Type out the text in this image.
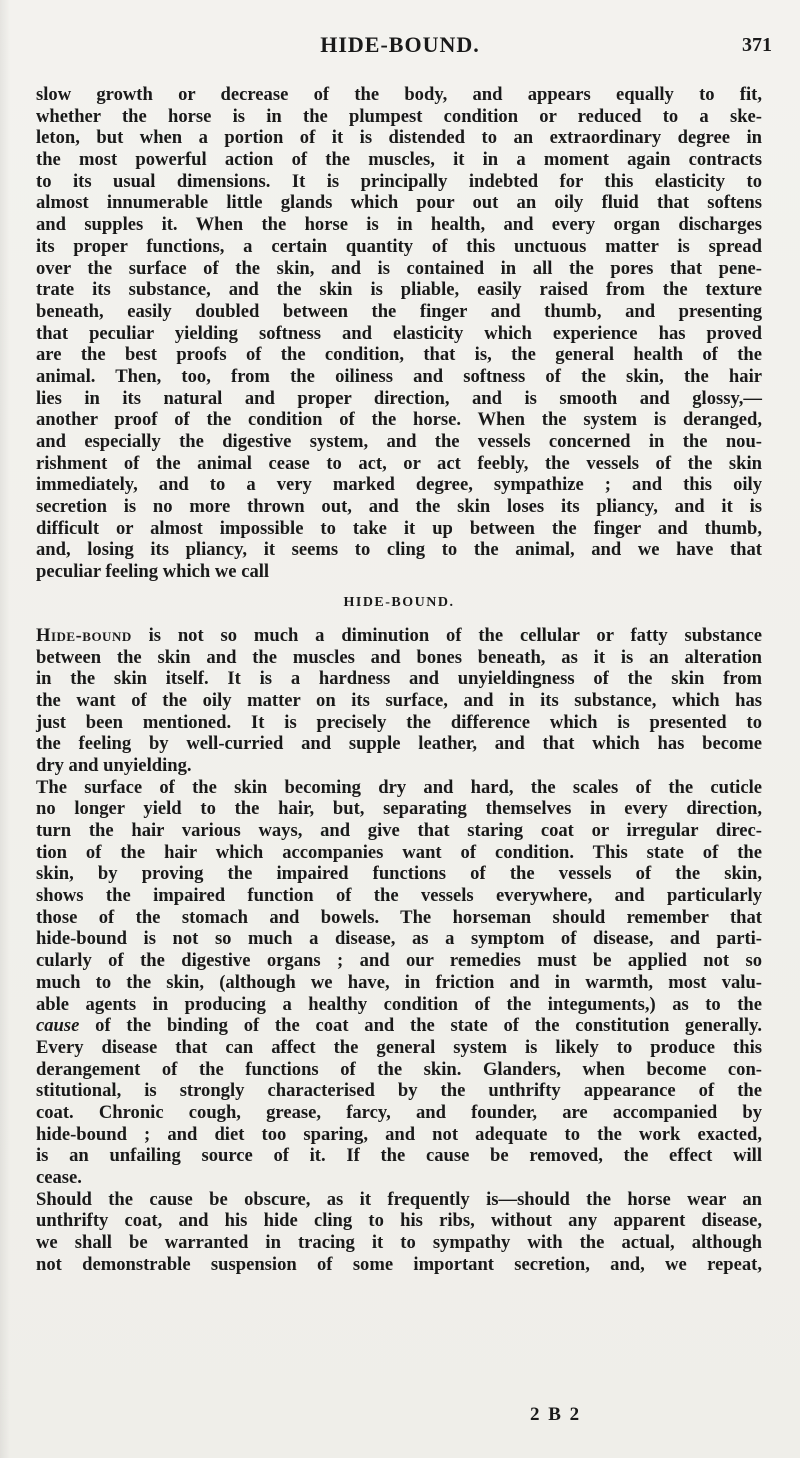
HIDE-BOUND.	371
slow growth or decrease of the body, and appears equally to fit,
whether the horse is in the plumpest condition or reduced to a ske-
leton, but when a portion of it is distended to an extraordinary degree in
the most powerful action of the muscles, it in a moment again contracts
to its usual dimensions. It is principally indebted for this elasticity to
almost innumerable little glands which pour out an oily fluid that softens
and supples it. When the horse is in health, and every organ discharges
its proper functions, a certain quantity of this unctuous matter is spread
over the surface of the skin, and is contained in all the pores that pene-
trate its substance, and the skin is pliable, easily raised from the texture
beneath, easily doubled between the finger and thumb, and presenting
that peculiar yielding softness and elasticity which experience has proved
are the best proofs of the condition, that is, the general health of the
animal. Then, too, from the oiliness and softness of the skin, the hair
lies in its natural and proper direction, and is smooth and glossy,—
another proof of the condition of the horse. When the system is deranged,
and especially the digestive system, and the vessels concerned in the nou-
rishment of the animal cease to act, or act feebly, the vessels of the skin
immediately, and to a very marked degree, sympathize ; and this oily
secretion is no more thrown out, and the skin loses its pliancy, and it is
difficult or almost impossible to take it up between the finger and thumb,
and, losing its pliancy, it seems to cling to the animal, and we have that
peculiar feeling which we call
HIDE-BOUND.
Hide-bound is not so much a diminution of the cellular or fatty substance
between the skin and the muscles and bones beneath, as it is an alteration
in the skin itself. It is a hardness and unyieldingness of the skin from
the want of the oily matter on its surface, and in its substance, which has
just been mentioned. It is precisely the difference which is presented to
the feeling by well-curried and supple leather, and that which has become
dry and unyielding.
The surface of the skin becoming dry and hard, the scales of the cuticle
no longer yield to the hair, but, separating themselves in every direction,
turn the hair various ways, and give that staring coat or irregular direc-
tion of the hair which accompanies want of condition. This state of the
skin, by proving the impaired functions of the vessels of the skin,
shows the impaired function of the vessels everywhere, and particularly
those of the stomach and bowels. The horseman should remember that
hide-bound is not so much a disease, as a symptom of disease, and parti-
cularly of the digestive organs ; and our remedies must be applied not so
much to the skin, (although we have, in friction and in warmth, most valu-
able agents in producing a healthy condition of the integuments,) as to the
cause of the binding of the coat and the state of the constitution generally.
Every disease that can affect the general system is likely to produce this
derangement of the functions of the skin. Glanders, when become con-
stitutional, is strongly characterised by the unthrifty appearance of the
coat. Chronic cough, grease, farcy, and founder, are accompanied by
hide-bound ; and diet too sparing, and not adequate to the work exacted,
is an unfailing source of it. If the cause be removed, the effect will
cease.
Should the cause be obscure, as it frequently is—should the horse wear an
unthrifty coat, and his hide cling to his ribs, without any apparent disease,
we shall be warranted in tracing it to sympathy with the actual, although
not demonstrable suspension of some important secretion, and, we repeat,
2 B 2
